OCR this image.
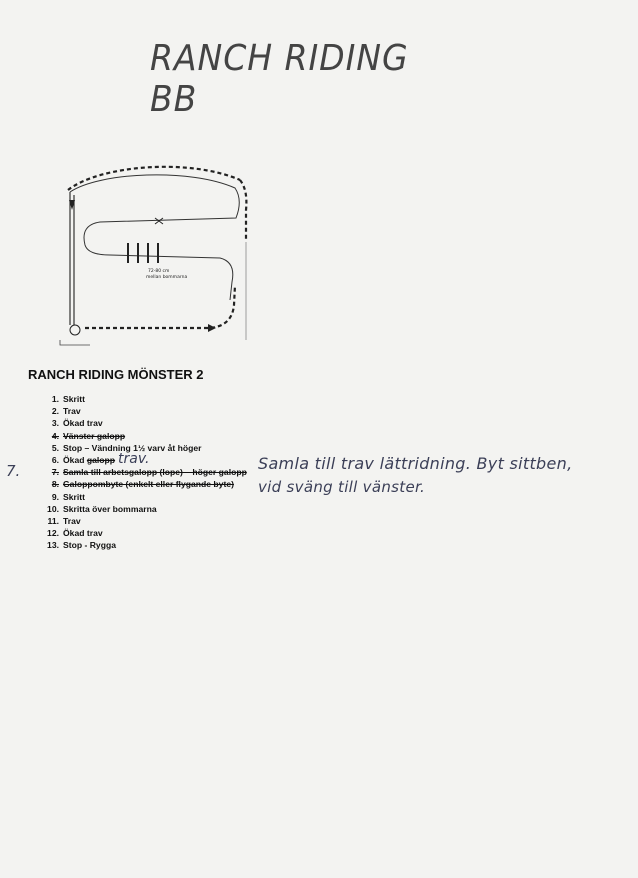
RANCH RIDING BB
72-80 cm
mellan bommarna
RANCH RIDING MÖNSTER 2
1. Skritt
2. Trav
3. Ökad trav
4. Vänster galopp
5. Stop – Vändning 1½ varv åt höger
6. Ökad
galopp
7. Samla till arbetsgalopp (lope) – höger galopp
8. Galoppombyte (enkelt eller flygande byte)
9. Skritt
10. Skritta över bommarna
11. Trav
12. Ökad trav
13. Stop - Rygga
trav.
7.	Samla till trav lättridning. Byt sittben,
vid sväng till vänster.
